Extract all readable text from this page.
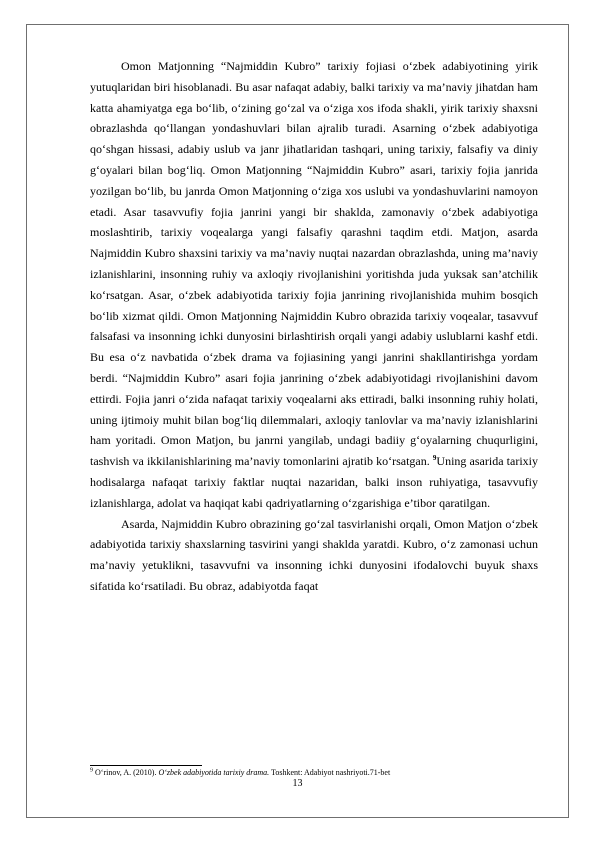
Omon Matjonning “Najmiddin Kubro” tarixiy fojiasi o‘zbek adabiyotining yirik yutuqlaridan biri hisoblanadi. Bu asar nafaqat adabiy, balki tarixiy va ma’naviy jihatdan ham katta ahamiyatga ega bo‘lib, o‘zining go‘zal va o‘ziga xos ifoda shakli, yirik tarixiy shaxsni obrazlashda qo‘llangan yondashuvlari bilan ajralib turadi. Asarning o‘zbek adabiyotiga qo‘shgan hissasi, adabiy uslub va janr jihatlaridan tashqari, uning tarixiy, falsafiy va diniy g‘oyalari bilan bog‘liq. Omon Matjonning “Najmiddin Kubro” asari, tarixiy fojia janrida yozilgan bo‘lib, bu janrda Omon Matjonning o‘ziga xos uslubi va yondashuvlarini namoyon etadi. Asar tasavvufiy fojia janrini yangi bir shaklda, zamonaviy o‘zbek adabiyotiga moslashtirib, tarixiy voqealarga yangi falsafiy qarashni taqdim etdi. Matjon, asarda Najmiddin Kubro shaxsini tarixiy va ma’naviy nuqtai nazardan obrazlashda, uning ma’naviy izlanishlarini, insonning ruhiy va axloqiy rivojlanishini yoritishda juda yuksak san’atchilik ko‘rsatgan. Asar, o‘zbek adabiyotida tarixiy fojia janrining rivojlanishida muhim bosqich bo‘lib xizmat qildi. Omon Matjonning Najmiddin Kubro obrazida tarixiy voqealar, tasavvuf falsafasi va insonning ichki dunyosini birlashtirish orqali yangi adabiy uslublarni kashf etdi. Bu esa o‘z navbatida o‘zbek drama va fojiasining yangi janrini shakllantirishga yordam berdi. “Najmiddin Kubro” asari fojia janrining o‘zbek adabiyotidagi rivojlanishini davom ettirdi. Fojia janri o‘zida nafaqat tarixiy voqealarni aks ettiradi, balki insonning ruhiy holati, uning ijtimoiy muhit bilan bog‘liq dilemmalari, axloqiy tanlovlar va ma’naviy izlanishlarini ham yoritadi. Omon Matjon, bu janrni yangilab, undagi badiiy g‘oyalarning chuqurligini, tashvish va ikkilanishlarining ma’naviy tomonlarini ajratib ko‘rsatgan. $^9$Uning asarida tarixiy hodisalarga nafaqat tarixiy faktlar nuqtai nazaridan, balki inson ruhiyatiga, tasavvufiy izlanishlarga, adolat va haqiqat kabi qadriyatlarning o‘zgarishiga e’tibor qaratilgan.

Asarda, Najmiddin Kubro obrazining go‘zal tasvirlanishi orqali, Omon Matjon o‘zbek adabiyotida tarixiy shaxslarning tasvirini yangi shaklda yaratdi. Kubro, o‘z zamonasi uchun ma’naviy yetuklikni, tasavvufni va insonning ichki dunyosini ifodalovchi buyuk shaxs sifatida ko‘rsatiladi. Bu obraz, adabiyotda faqat

$^9$ O‘rinov, A. (2010). O‘zbek adabiyotida tarixiy drama. Toshkent: Adabiyot nashriyoti.71-bet
13
